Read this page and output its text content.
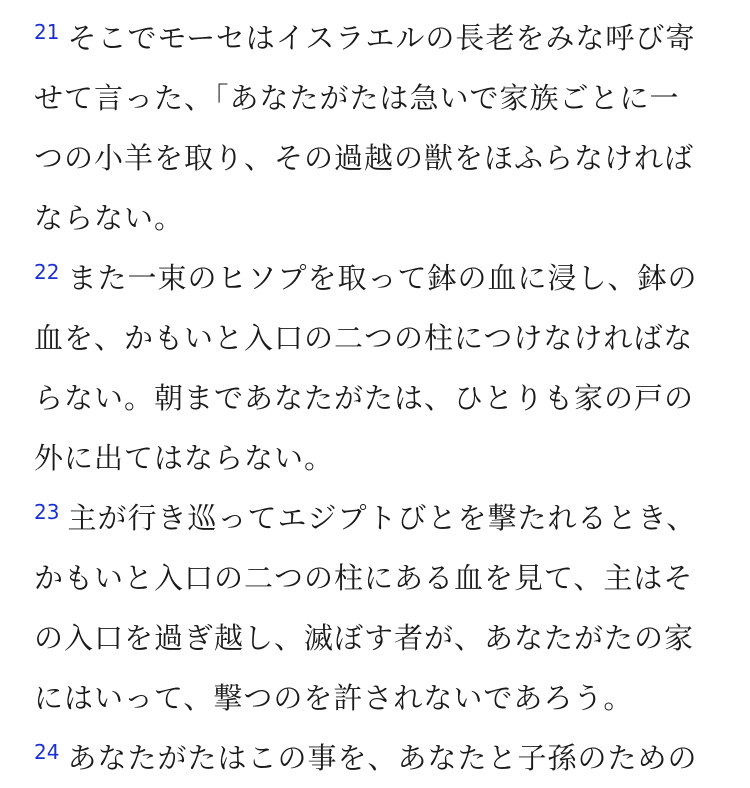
$^{21}$ そこでモーセはイスラエルの長老をみな呼び寄
せて言った、「あなたがたは急いで家族ごとに一
つの小羊を取り、その過越の獣をほふらなければ
ならない。
$^{22}$ また一束のヒソプを取って鉢の血に浸し、鉢の
血を、かもいと入口の二つの柱につけなければな
らない。朝まであなたがたは、ひとりも家の戸の
外に出てはならない。
$^{23}$ 主が行き巡ってエジプトびとを撃たれるとき、
かもいと入口の二つの柱にある血を見て、主はそ
の入口を過ぎ越し、滅ぼす者が、あなたがたの家
にはいって、撃つのを許されないであろう。
$^{24}$ あなたがたはこの事を、あなたと子孫のための
